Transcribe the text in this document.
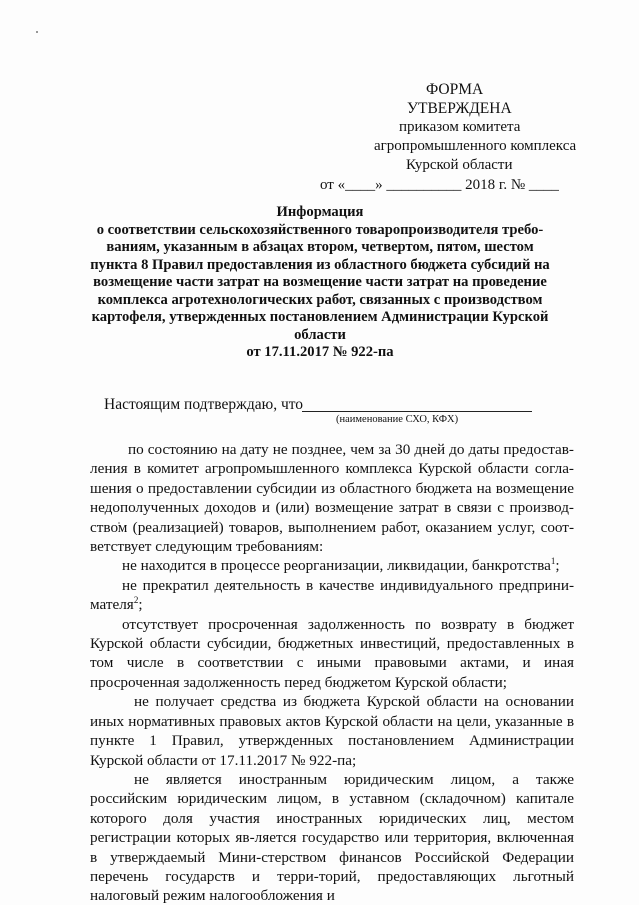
ФОРМА
УТВЕРЖДЕНА
приказом комитета
агропромышленного комплекса
Курской области
от «____» __________ 2018 г. № ____
Информация
о соответствии сельскохозяйственного товаропроизводителя требо-
ваниям, указанным в абзацах втором, четвертом, пятом, шестом
пункта 8 Правил предоставления из областного бюджета субсидий на
возмещение части затрат на возмещение части затрат на проведение
комплекса агротехнологических работ, связанных с производством
картофеля, утвержденных постановлением Администрации Курской
области
от 17.11.2017 № 922-па
Настоящим подтверждаю, что
(наименование СХО, КФХ)

по состоянию на дату не позднее, чем за 30 дней до даты предостав-ления в комитет агропромышленного комплекса Курской области согла-шения о предоставлении субсидии из областного бюджета на возмещение недополученных доходов и (или) возмещение затрат в связи с производ-ством (реализацией) товаров, выполнением работ, оказанием услуг, соот-ветствует следующим требованиям:

не находится в процессе реорганизации, ликвидации, банкротства$^1$;

не прекратил деятельность в качестве индивидуального предприни-мателя$^2$;

отсутствует просроченная задолженность по возврату в бюджет Курской области субсидии, бюджетных инвестиций, предоставленных в том числе в соответствии с иными правовыми актами, и иная просроченная задолженность перед бюджетом Курской области;

не получает средства из бюджета Курской области на основании иных нормативных правовых актов Курской области на цели, указанные в пункте 1 Правил, утвержденных постановлением Администрации Курской области от 17.11.2017 № 922-па;

не является иностранным юридическим лицом, а также российским юридическим лицом, в уставном (складочном) капитале которого доля участия иностранных юридических лиц, местом регистрации которых яв-ляется государство или территория, включенная в утверждаемый Мини-стерством финансов Российской Федерации перечень государств и терри-торий, предоставляющих льготный налоговый режим налогообложения и
